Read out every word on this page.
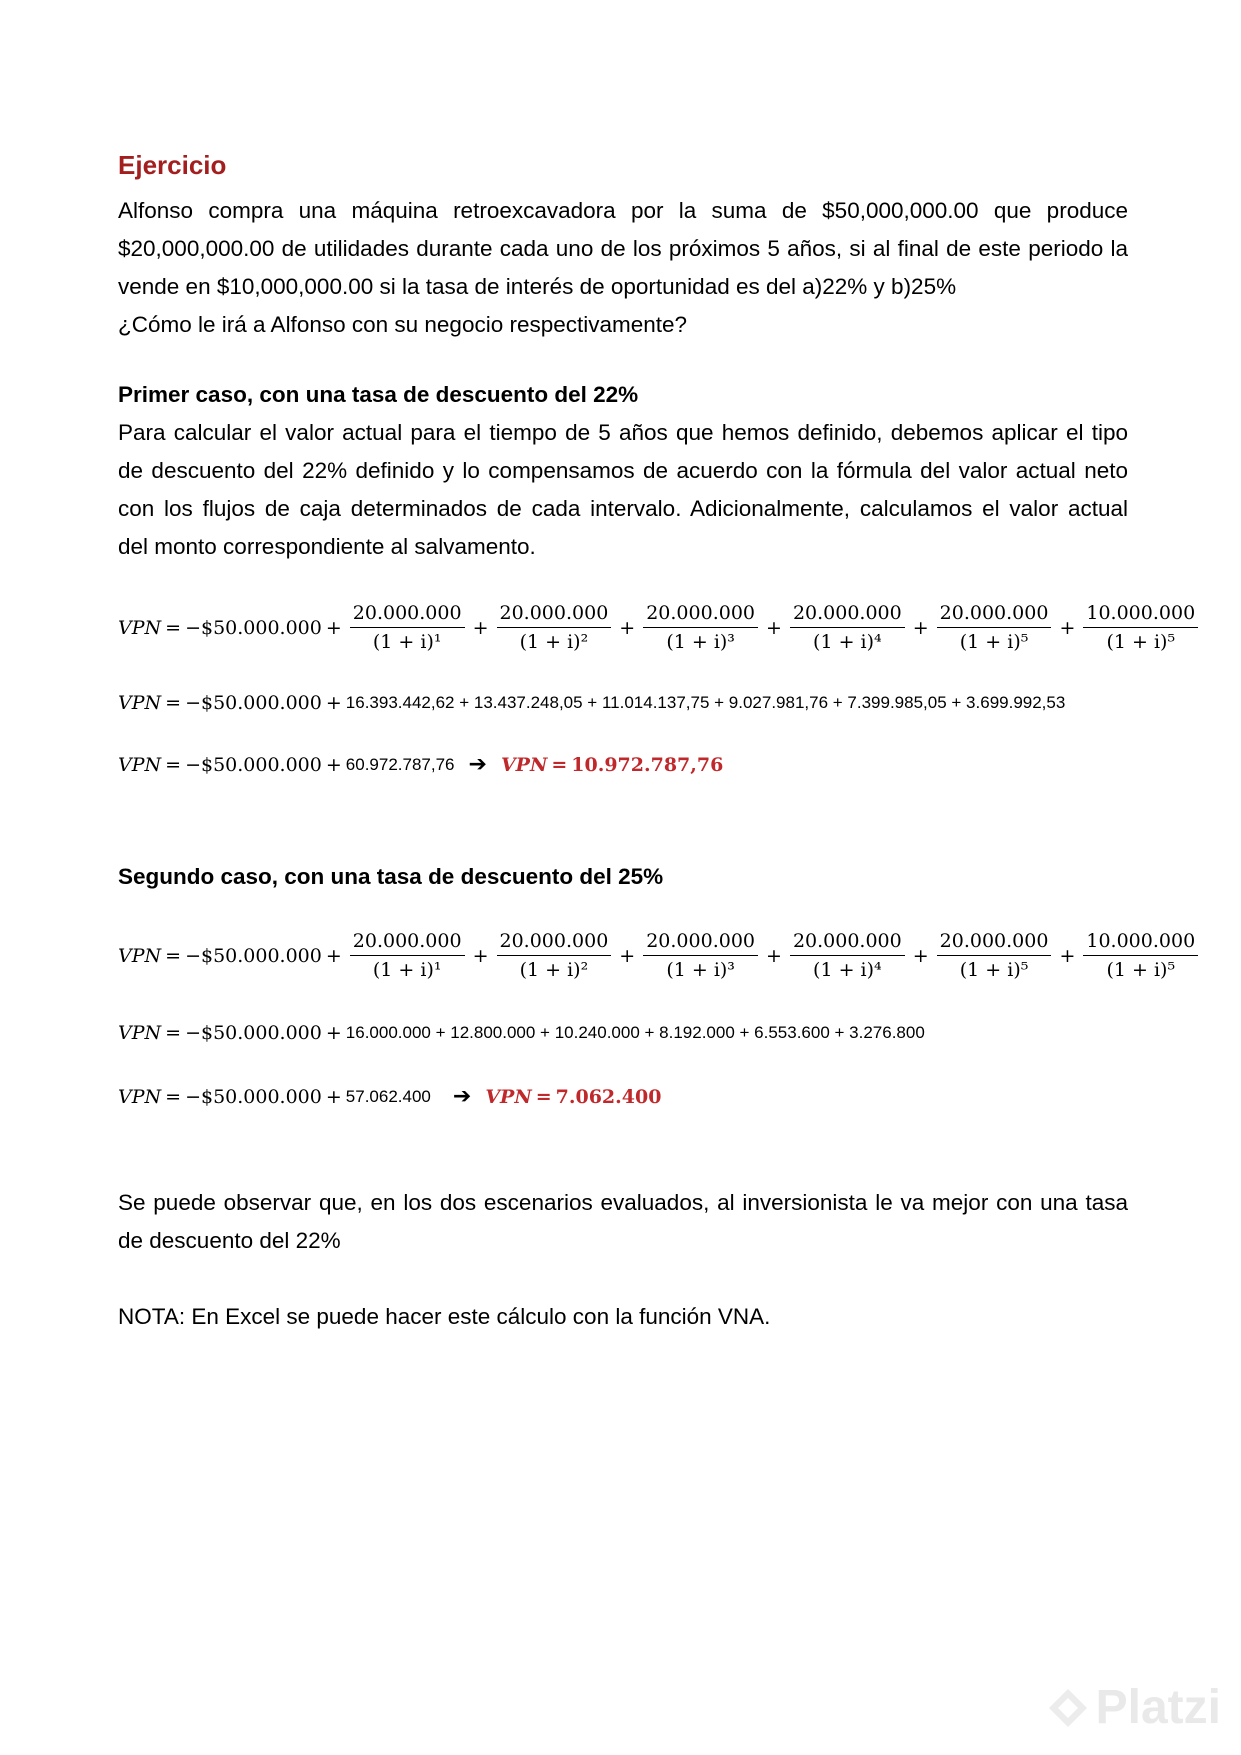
Ejercicio
Alfonso compra una máquina retroexcavadora por la suma de $50,000,000.00 que produce
$20,000,000.00 de utilidades durante cada uno de los próximos 5 años, si al final de este periodo la
vende en $10,000,000.00 si la tasa de interés de oportunidad es del a)22% y b)25%
¿Cómo le irá a Alfonso con su negocio respectivamente?
Primer caso, con una tasa de descuento del 22%
Para calcular el valor actual para el tiempo de 5 años que hemos definido, debemos aplicar el tipo
de descuento del 22% definido y lo compensamos de acuerdo con la fórmula del valor actual neto
con los flujos de caja determinados de cada intervalo. Adicionalmente, calculamos el valor actual
del monto correspondiente al salvamento.
VPN = −$50.000.000 + $\frac{20.000.000}{\text{(1 + i)¹}} + \frac{20.000.000}{\text{(1 + i)²}} + \frac{20.000.000}{\text{(1 + i)³}} + \frac{20.000.000}{\text{(1 + i)⁴}} + \frac{20.000.000}{\text{(1 + i)⁵}} + \frac{10.000.000}{\text{(1 + i)⁵}}$
VPN = −$50.000.000 + 16.393.442,62 + 13.437.248,05 + 11.014.137,75 + 9.027.981,76 + 7.399.985,05 + 3.699.992,53
VPN = −$50.000.000 + 60.972.787,76 ➔ VPN = 10.972.787,76
Segundo caso, con una tasa de descuento del 25%
VPN = −$50.000.000 + $\frac{20.000.000}{\text{(1 + i)¹}} + \frac{20.000.000}{\text{(1 + i)²}} + \frac{20.000.000}{\text{(1 + i)³}} + \frac{20.000.000}{\text{(1 + i)⁴}} + \frac{20.000.000}{\text{(1 + i)⁵}} + \frac{10.000.000}{\text{(1 + i)⁵}}$
VPN = −$50.000.000 + 16.000.000 + 12.800.000 + 10.240.000 + 8.192.000 + 6.553.600 + 3.276.800
VPN = −$50.000.000 + 57.062.400 ➔ VPN = 7.062.400
Se puede observar que, en los dos escenarios evaluados, al inversionista le va mejor con una tasa
de descuento del 22%
NOTA: En Excel se puede hacer este cálculo con la función VNA.
Platzi
